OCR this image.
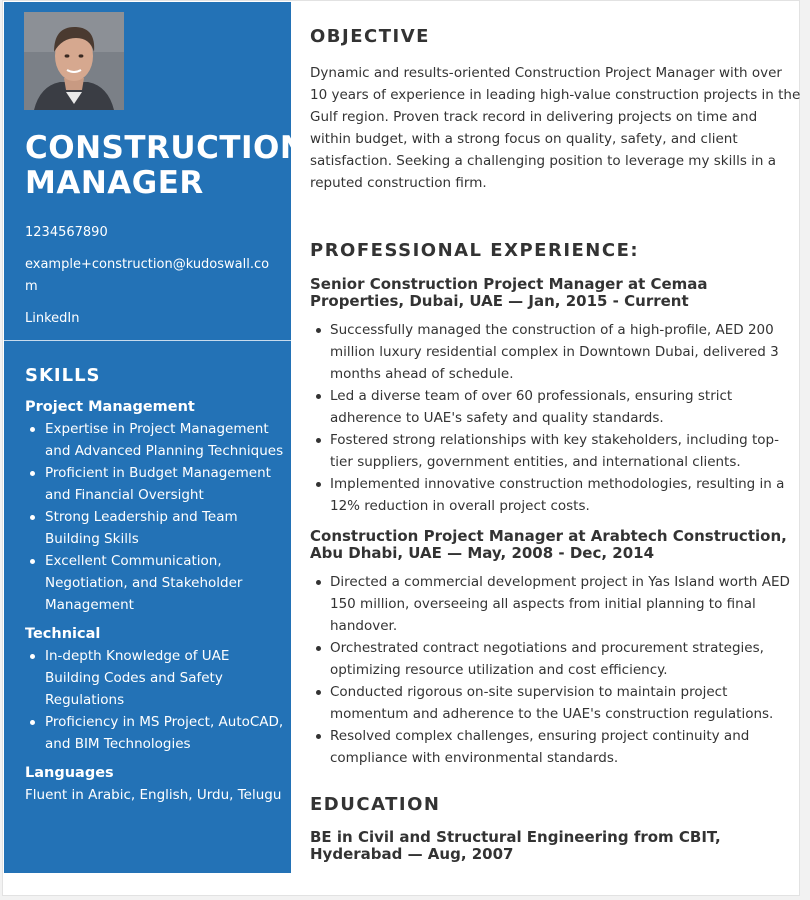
CONSTRUCTION MANAGER
1234567890
example+construction@kudoswall.com
LinkedIn
SKILLS
Project Management
Expertise in Project Management and Advanced Planning Techniques
Proficient in Budget Management and Financial Oversight
Strong Leadership and Team Building Skills
Excellent Communication, Negotiation, and Stakeholder Management
Technical
In-depth Knowledge of UAE Building Codes and Safety Regulations
Proficiency in MS Project, AutoCAD, and BIM Technologies
Languages

Fluent in Arabic, English, Urdu, Telugu

OBJECTIVE

Dynamic and results-oriented Construction Project Manager with over 10 years of experience in leading high-value construction projects in the Gulf region. Proven track record in delivering projects on time and within budget, with a strong focus on quality, safety, and client satisfaction. Seeking a challenging position to leverage my skills in a reputed construction firm.

PROFESSIONAL EXPERIENCE:
Senior Construction Project Manager at Cemaa Properties, Dubai, UAE — Jan, 2015 - Current
Successfully managed the construction of a high-profile, AED 200 million luxury residential complex in Downtown Dubai, delivered 3 months ahead of schedule.
Led a diverse team of over 60 professionals, ensuring strict adherence to UAE's safety and quality standards.
Fostered strong relationships with key stakeholders, including top-tier suppliers, government entities, and international clients.
Implemented innovative construction methodologies, resulting in a 12% reduction in overall project costs.
Construction Project Manager at Arabtech Construction, Abu Dhabi, UAE — May, 2008 - Dec, 2014
Directed a commercial development project in Yas Island worth AED 150 million, overseeing all aspects from initial planning to final handover.
Orchestrated contract negotiations and procurement strategies, optimizing resource utilization and cost efficiency.
Conducted rigorous on-site supervision to maintain project momentum and adherence to the UAE's construction regulations.
Resolved complex challenges, ensuring project continuity and compliance with environmental standards.
EDUCATION
BE in Civil and Structural Engineering from CBIT, Hyderabad — Aug, 2007
